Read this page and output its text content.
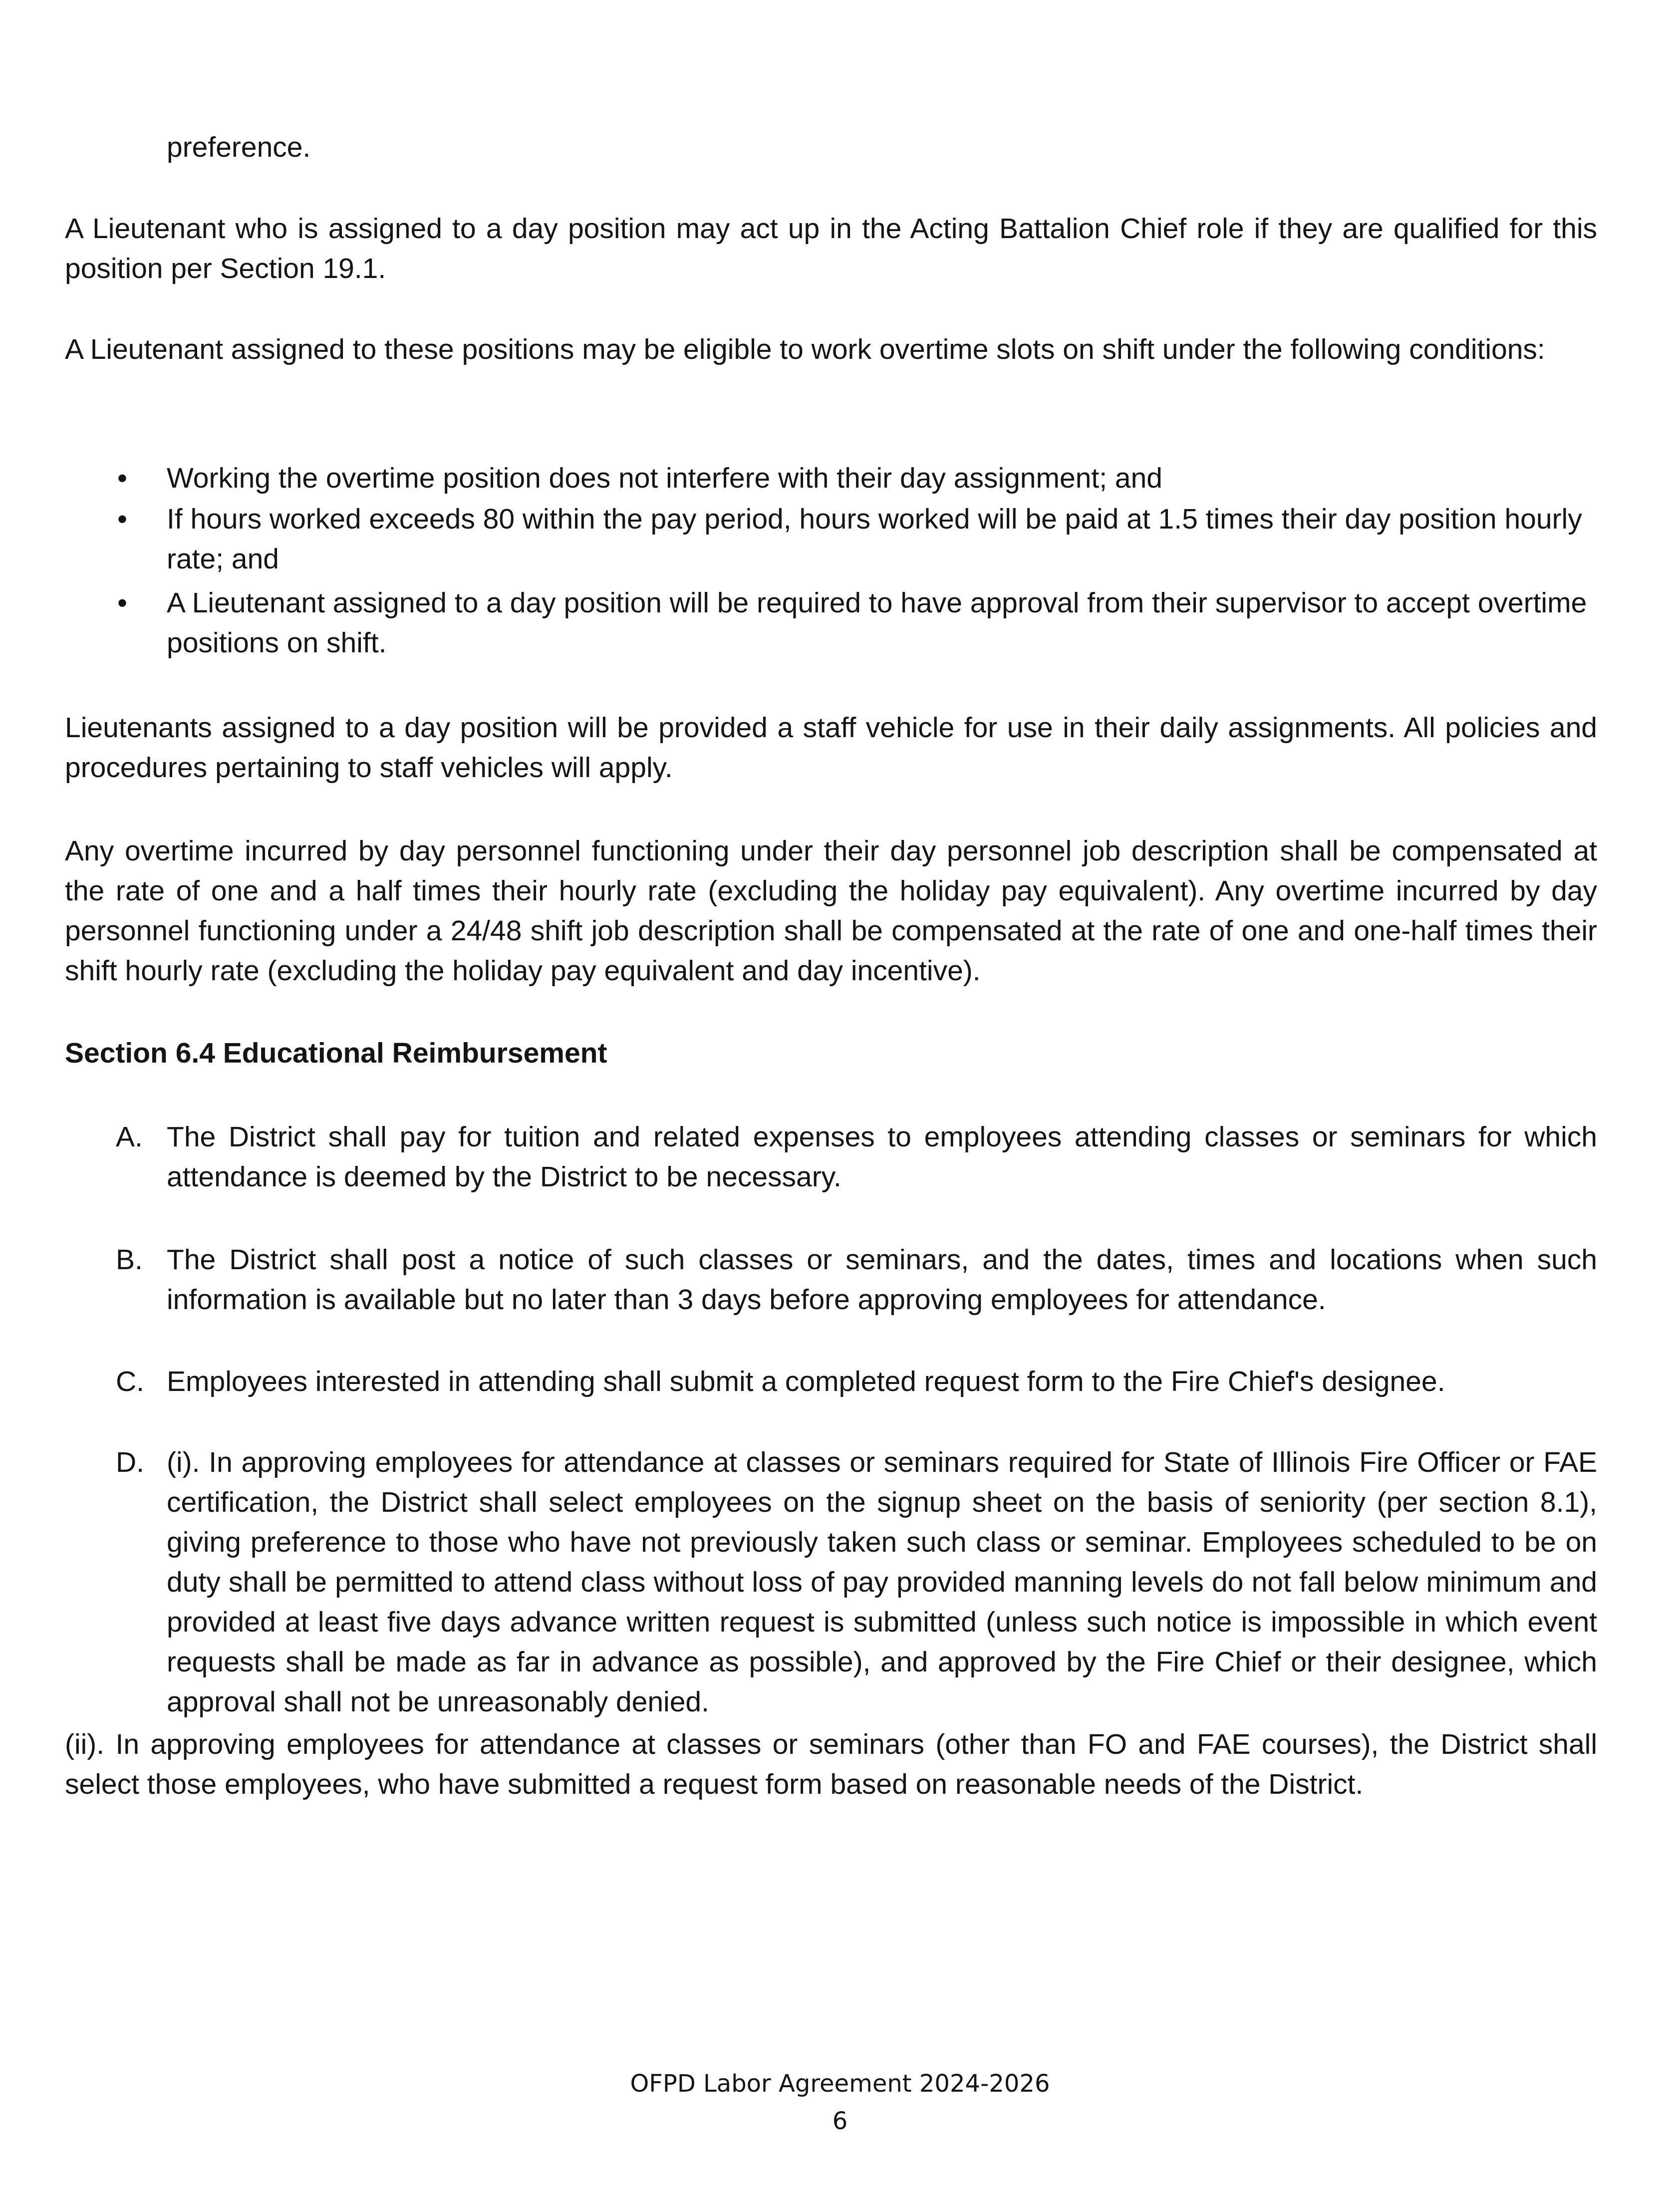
preference.

A Lieutenant who is assigned to a day position may act up in the Acting Battalion Chief role if they are qualified for this position per Section 19.1.

A Lieutenant assigned to these positions may be eligible to work overtime slots on shift under the following conditions:

•	Working the overtime position does not interfere with their day assignment; and

•	If hours worked exceeds 80 within the pay period, hours worked will be paid at 1.5 times their day position hourly rate; and

•	A Lieutenant assigned to a day position will be required to have approval from their supervisor to accept overtime positions on shift.

Lieutenants assigned to a day position will be provided a staff vehicle for use in their daily assignments. All policies and procedures pertaining to staff vehicles will apply.

Any overtime incurred by day personnel functioning under their day personnel job description shall be compensated at the rate of one and a half times their hourly rate (excluding the holiday pay equivalent). Any overtime incurred by day personnel functioning under a 24/48 shift job description shall be compensated at the rate of one and one-half times their shift hourly rate (excluding the holiday pay equivalent and day incentive).

Section 6.4 Educational Reimbursement

A. The District shall pay for tuition and related expenses to employees attending classes or seminars for which attendance is deemed by the District to be necessary.

B. The District shall post a notice of such classes or seminars, and the dates, times and locations when such information is available but no later than 3 days before approving employees for attendance.

C. Employees interested in attending shall submit a completed request form to the Fire Chief's designee.

D. (i). In approving employees for attendance at classes or seminars required for State of Illinois Fire Officer or FAE certification, the District shall select employees on the signup sheet on the basis of seniority (per section 8.1), giving preference to those who have not previously taken such class or seminar. Employees scheduled to be on duty shall be permitted to attend class without loss of pay provided manning levels do not fall below minimum and provided at least five days advance written request is submitted (unless such notice is impossible in which event requests shall be made as far in advance as possible), and approved by the Fire Chief or their designee, which approval shall not be unreasonably denied.

(ii). In approving employees for attendance at classes or seminars (other than FO and FAE courses), the District shall select those employees, who have submitted a request form based on reasonable needs of the District.

OFPD Labor Agreement 2024-2026
6
